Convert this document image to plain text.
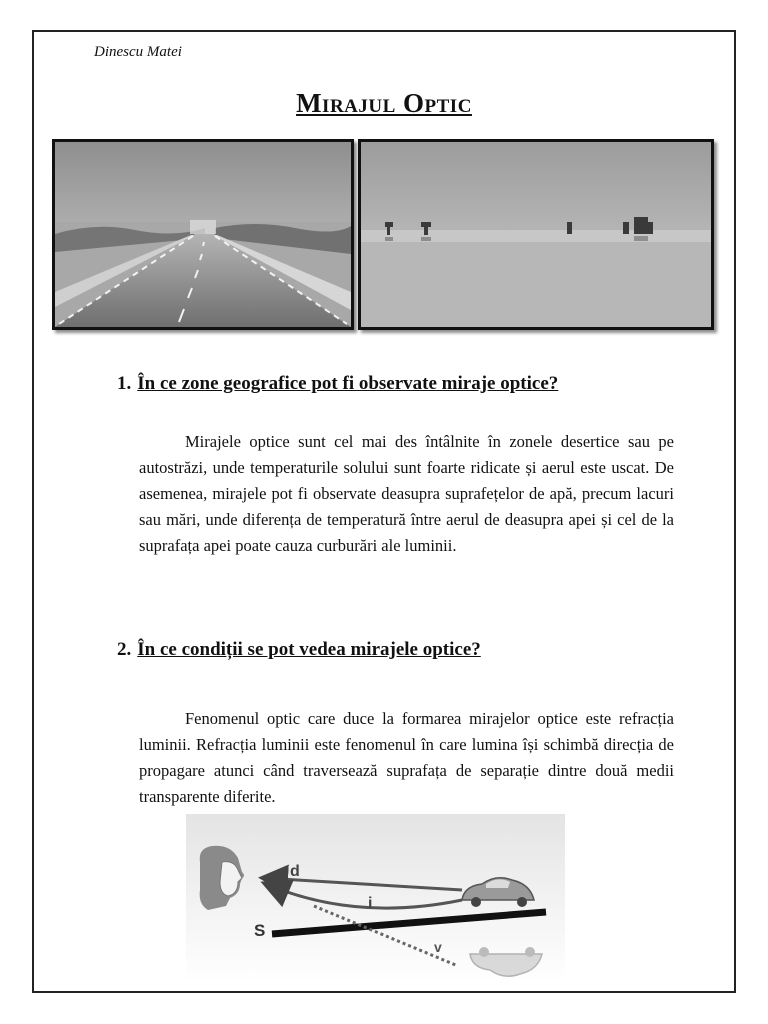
Dinescu Matei
Mirajul Optic
1. În ce zone geografice pot fi observate miraje optice?

Mirajele optice sunt cel mai des întâlnite în zonele desertice sau pe autostrăzi, unde temperaturile solului sunt foarte ridicate și aerul este uscat. De asemenea, mirajele pot fi observate deasupra suprafețelor de apă, precum lacuri sau mări, unde diferența de temperatură între aerul de deasupra apei și cel de la suprafața apei poate cauza curburări ale luminii.

2. În ce condiții se pot vedea mirajele optice?

Fenomenul optic care duce la formarea mirajelor optice este refracția luminii. Refracția luminii este fenomenul în care lumina își schimbă direcția de propagare atunci când traversează suprafața de separație dintre două medii transparente diferite.

d
i
S
v
